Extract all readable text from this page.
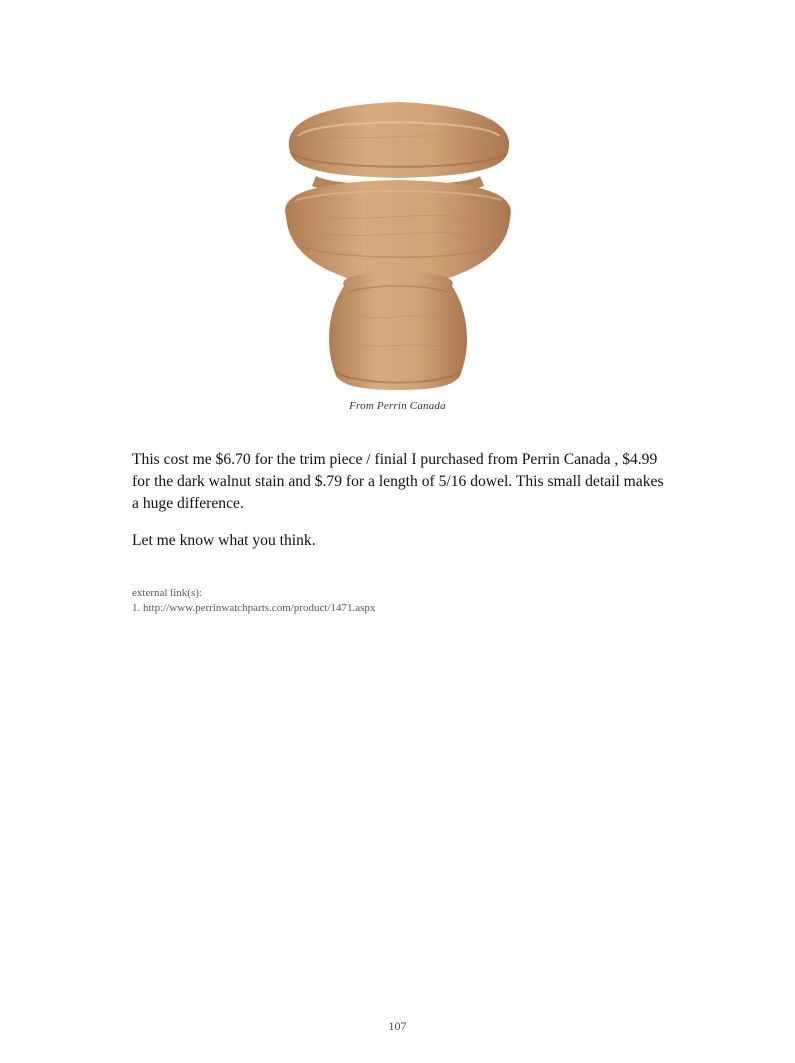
From Perrin Canada

This cost me $6.70 for the trim piece / finial I purchased from Perrin Canada , $4.99 for the dark walnut stain and $.79 for a length of 5/16 dowel. This small detail makes a huge difference.

Let me know what you think.

external link(s):
1. http://www.perrinwatchparts.com/product/1471.aspx
107
